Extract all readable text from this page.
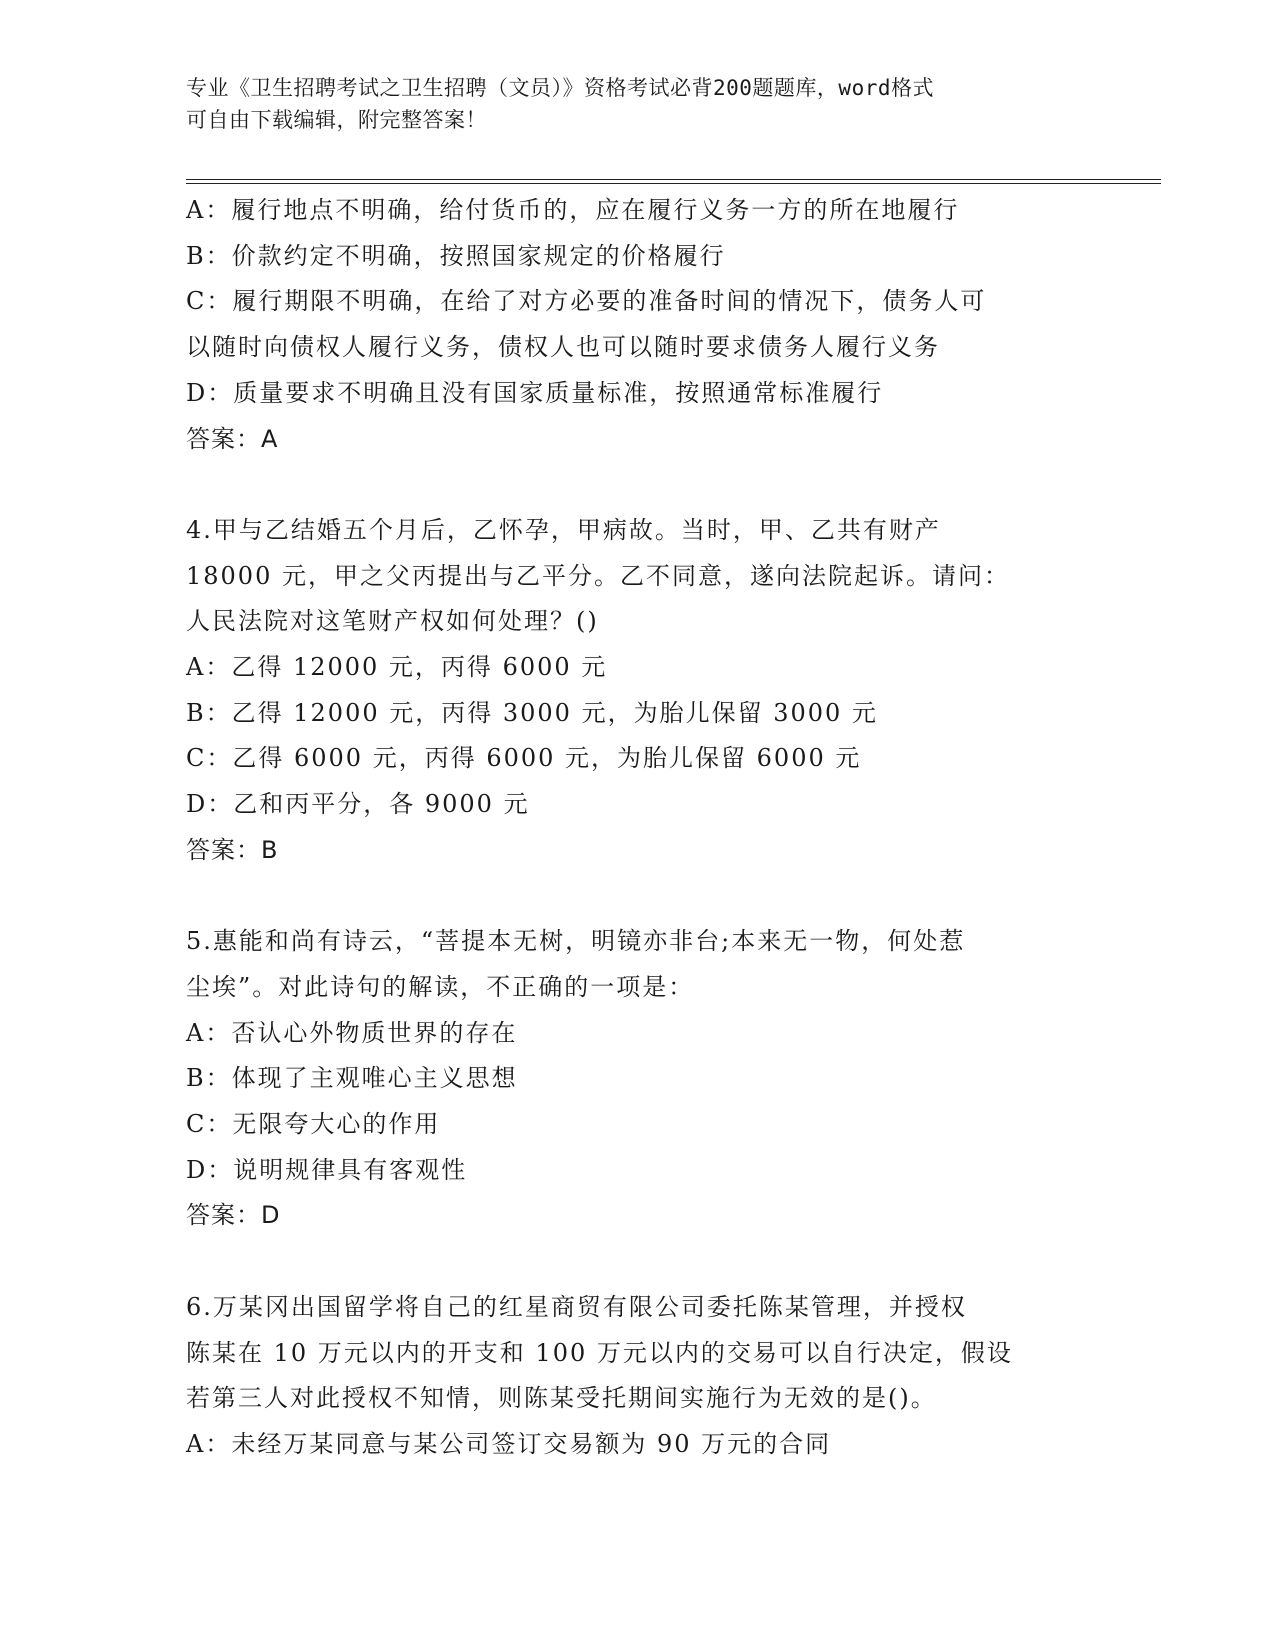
专业《卫生招聘考试之卫生招聘（文员）》资格考试必背200题题库，word格式
可自由下载编辑，附完整答案！
A：履行地点不明确，给付货币的，应在履行义务一方的所在地履行
B：价款约定不明确，按照国家规定的价格履行
C：履行期限不明确，在给了对方必要的准备时间的情况下，债务人可
以随时向债权人履行义务，债权人也可以随时要求债务人履行义务
D：质量要求不明确且没有国家质量标准，按照通常标准履行
答案：A
4.甲与乙结婚五个月后，乙怀孕，甲病故。当时，甲、乙共有财产
18000 元，甲之父丙提出与乙平分。乙不同意，遂向法院起诉。请问：
人民法院对这笔财产权如何处理？()
A：乙得 12000 元，丙得 6000 元
B：乙得 12000 元，丙得 3000 元，为胎儿保留 3000 元
C：乙得 6000 元，丙得 6000 元，为胎儿保留 6000 元
D：乙和丙平分，各 9000 元
答案：B
5.惠能和尚有诗云，“菩提本无树，明镜亦非台;本来无一物，何处惹
尘埃”。对此诗句的解读，不正确的一项是：
A：否认心外物质世界的存在
B：体现了主观唯心主义思想
C：无限夸大心的作用
D：说明规律具有客观性
答案：D
6.万某冈出国留学将自己的红星商贸有限公司委托陈某管理，并授权
陈某在 10 万元以内的开支和 100 万元以内的交易可以自行决定，假设
若第三人对此授权不知情，则陈某受托期间实施行为无效的是()。
A：未经万某同意与某公司签订交易额为 90 万元的合同
